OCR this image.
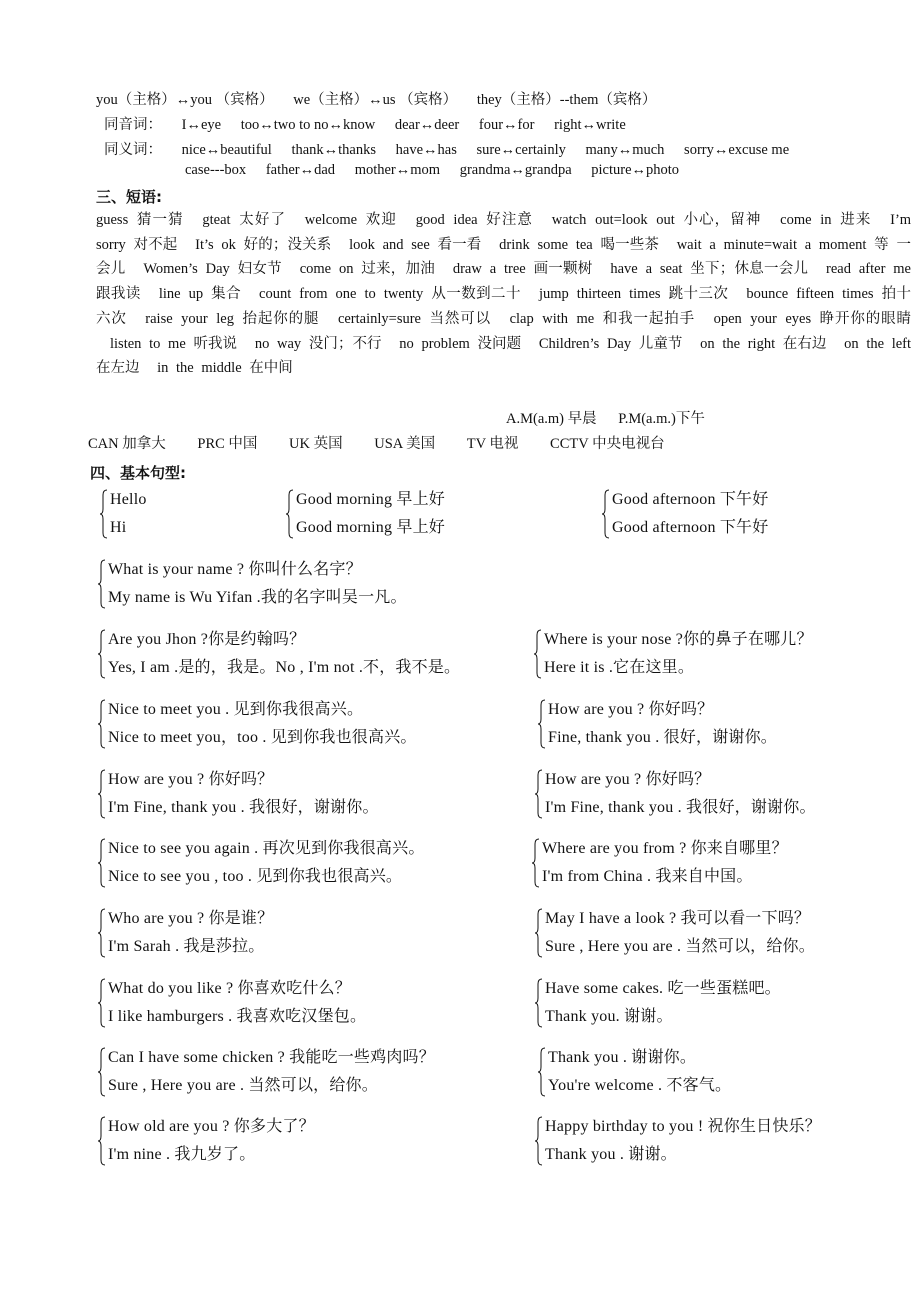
you（主格）↔you （宾格） we（主格）↔us （宾格） they（主格）--them（宾格）
同音词： I↔eye too↔two to no↔know dear↔deer four↔for right↔write
同义词： nice↔beautiful thank↔thanks have↔has sure↔certainly many↔much sorry↔excuse me
case---box father↔dad mother↔mom grandma↔grandpa picture↔photo
三、短语:
guess 猜一猜 gteat 太好了 welcome 欢迎 good idea 好注意 watch out=look out 小心，留神 come in 进来 I’m sorry 对不起 It’s ok 好的；没关系 look and see 看一看 drink some tea 喝一些茶 wait a minute=wait a moment 等 一会儿 Women’s Day 妇女节 come on 过来，加油 draw a tree 画一颗树 have a seat 坐下；休息一会儿 read after me 跟我读 line up 集合 count from one to twenty 从一数到二十 jump thirteen times 跳十三次 bounce fifteen times 拍十六次 raise your leg 抬起你的腿 certainly=sure 当然可以 clap with me 和我一起拍手 open your eyes 睁开你的眼睛 listen to me 听我说 no way 没门；不行 no problem 没问题 Children’s Day 儿童节 on the right 在右边 on the left 在左边 in the middle 在中间
A.M(a.m) 早晨 P.M(a.m.)下午
CAN 加拿大 PRC 中国 UK 英国 USA 美国 TV 电视 CCTV 中央电视台
四、基本句型:
Hello
Hi
Good morning 早上好
Good morning 早上好
Good afternoon 下午好
Good afternoon 下午好
What is your name ? 你叫什么名字？
My name is Wu Yifan .我的名字叫吴一凡。
Are you Jhon ?你是约翰吗？
Yes, I am .是的，我是。No , I'm not .不，我不是。
Where is your nose ?你的鼻子在哪儿？
Here it is .它在这里。
Nice to meet you . 见到你我很高兴。
Nice to meet you，too . 见到你我也很高兴。
How are you ? 你好吗？
Fine, thank you . 很好，谢谢你。
How are you ? 你好吗？
I'm Fine, thank you . 我很好，谢谢你。
How are you ? 你好吗？
I'm Fine, thank you . 我很好，谢谢你。
Nice to see you again . 再次见到你我很高兴。
Nice to see you , too . 见到你我也很高兴。
Where are you from ? 你来自哪里？
I'm from China . 我来自中国。
Who are you ? 你是谁？
I'm Sarah . 我是莎拉。
May I have a look ? 我可以看一下吗？
Sure , Here you are . 当然可以，给你。
What do you like ? 你喜欢吃什么？
I like hamburgers . 我喜欢吃汉堡包。
Have some cakes. 吃一些蛋糕吧。
Thank you. 谢谢。
Can I have some chicken ? 我能吃一些鸡肉吗？
Sure , Here you are . 当然可以，给你。
Thank you . 谢谢你。
You're welcome . 不客气。
How old are you ? 你多大了？
I'm nine . 我九岁了。
Happy birthday to you ! 祝你生日快乐？
Thank you . 谢谢。
